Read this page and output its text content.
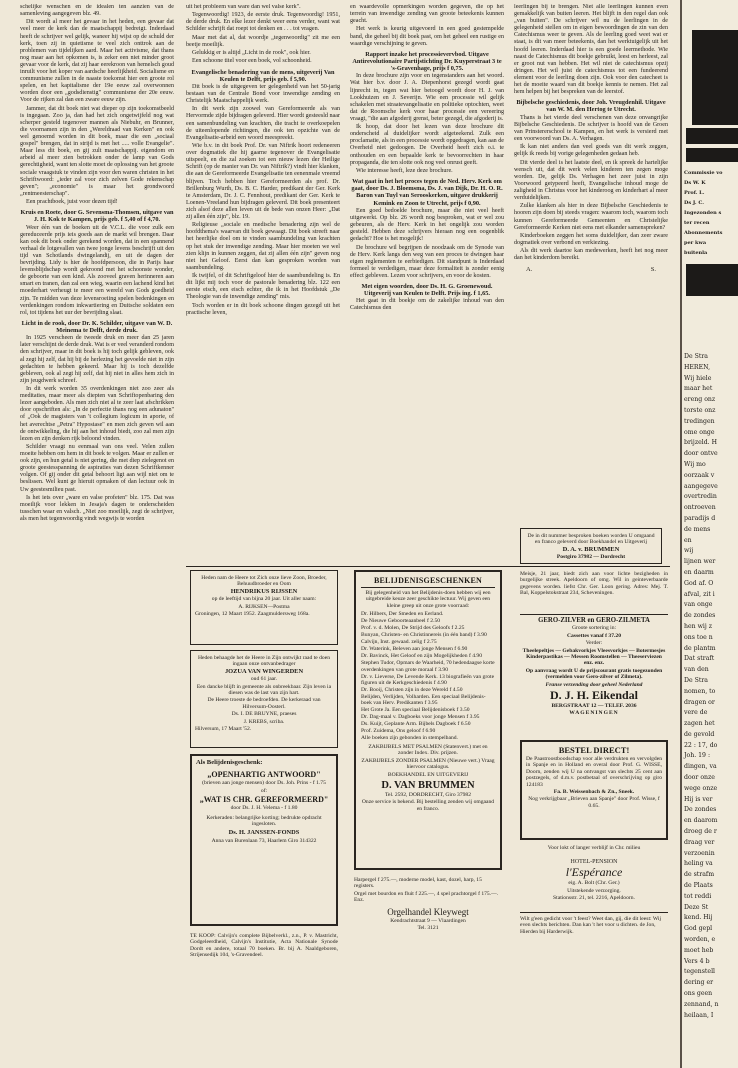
schelijke wenschen en de idealen ten aanzien van de samenleving aangegeven blz. 49.

Dit wordt al meer het gevaar in het heden, een gevaar dat veel meer de kerk dan de maatschappij bedreigt. Inderdaad heeft de schrijver wel gelijk, waneer hij wijst op de schuld der kerk, toen zij in quietisme te veel zich onttrok aan de problemen van tijdelijken aard. Maar het activisme, dat thans nog maar aan het opkomen is, is zeker een niet minder groot gevaar voor de kerk, dat zij haar eerekroon van hemelsch goud inruilt voor het koper van aardsche heerlijkheid. Socialisme en communisme zullen in de naaste toekomst hier een groote rol spelen, en het kapitalisme der 19e eeuw zal overwonnen worden door een „godsdienstig" communisme der 20e eeuw. Voor de rijken zal dan een zware eeuw zijn.

Jammer, dat dit boek niet wat dieper op zijn toekomstbeeld is ingegaan. Zoo ja, dan had het zich ongetwijfeld nog wat scherper gesteld tegenover mannen als Niebuhr, en Brunner, die voornamen zijn in den „Wereldraad van Kerken" en ook wel genoemd worden in dit boek, maar die een „sociaal gospel" brengen, dat in strijd is met het ..... volle Evangelie". Maar less dit boek, en gij zult maatschappij. eigendom en arbeid al meer zien betrokken onder de lamp van Gods gerechtigheid, want ten slotte moet de oplossing van het groote sociale vraagstuk te vinden zijn voor den waren christen in het Schriftwoord: „ieder zal voor zich zelven Gode rekenschap geven"; „economie" is maar het grondwoord „rentmeesterschap".

Een prachtboek, juist voor dezen tijd!

Kruis en Roete, door G. Sevensma-Thomsen, uitgave van J. H. Kok te Kampen, prijs geb. f 5,40 of f 4,70.

Weer één van de boeken uit de V.C.L. die voor zulk een gereduceerde prijs ieis goeds aan de markt wil brengen. Daar kan ook dit boek onder gerekend worden, dat in een spannend verhaal de lotgevallen van twee jonge levens beschrijft uit den tijd van Schotlands dwingelandij, en uit de dagen der bevrijding. Lidy is hier de hoofdpersoon, die in Parijs haar levensblijdschap wordt gekroond met het schoonste wonder, de geboorte van een kind. Als zooveel graven herinneren aan smart en tranen, dan zal een wieg, waarin een lachend kind het moederhart verheugt te meer een wereld van Gods goedheid zijn. Te midden van deze levensroeiing spelen bedenkingen en verdenkingen rondom inkwartiering en Duitsche soldaten een rol, tot tijdens het uur der bevrijding slaat.

Licht in de rook, door Dr. K. Schilder, uitgave van W. D. Meinema te Delft, derde druk.

In 1925 verscheen de tweede druk en meer dan 25 jaren later verschijnt de derde druk. Wat is er veel veranderd rondom den schrijver, maar in dit boek is hij toch gelijk gebleven, ook al zegt hij zelf, dat hij bij de herlezing het gevoelde niet in zijn gedachten te hebben gekeerd. Maar hij is toch dezelfde gebleven, ook al zegt hij zelf, dat hij niet in alles hem zich in zijn jeugdwerk schreef.

In dit werk worden 35 overdenkingen niet zoo zeer als meditaties, maar meer als diepten van Schriftopenbaring den lezer aangeboden. Als men zich niet al te zeer laat afschrikken door opschriften als: „In de perfectie thans nog een adunaton" of „Ook de magisters van 't collegium logicum in aporie, of het averechtse „Petra" Hypostase" en men zich geven wil aan de ontwikkeling, die hij aan het inhoud biedt, zoo zal men zijn lezen en zijn denken rijk beloond vinden.

Schilder vraagt nu eenmaal van ons veel. Velen zullen moeite hebben om hem in dit boek te volgen. Maar er zullen er ook zijn, en hun getal is niet gering, die met diep zielegenot en groote geestesspanning de aspiraties van dezen Schriftkenner volgen. Of gij onder dit getal behoort ligt aan wijl niet om te beslissen. Wel kunt ge hieruit opmaken of dan lectuur ook in Uw geestesmilieu past.

Is het iets over „ware en valse profeten" blz. 175. Dat was moeilijk voor lekken in Jesaja's dagen te onderscheiden tusschen waar en valsch. „Niet zoo moeilijk, zegt de schrijver, als men het tegenwoordig vindt wegwijs te worden

uit het probleem van ware dan wel valse kerk".

Tegenwoordig! 1923, de eerste druk. Tegenwoordig! 1951, de derde druk. En elke lezer denkt weer eens verder, want wat Schilder schrijft dat roept tot denken en . . . tot vragen.

Maar met dat al, dat woordje „tegenwoordig" zit me een beetje moeilijk.

Gelukkig er is altijd „Licht in de rook", ook hier.

Een schoone titel voor een boek, vol schoonheid.

Evangelische benadering van de mens, uitgeverij Van Keulen te Delft, prijs geb. f 5,90.

Dit boek is de uitgegeven ter gelegenheid van het 50-jarig bestaan van de Centrale Bond voor inwendige zending en Christelijk Maatschappelijk werk.

In dit werk zijn zoowel van Gereformeerde als van Hervormde zijde bijdragen geleverd. Hier wordt gesteesld naar een samenbundeling van krachten, die tracht te overkoepelen de uiteenlopende richtingen, die ook ten opzichte van de Evangelisatie-arbeid een woord meespreekt.

Wie b.v. in dit boek Prof. Dr. van Niftrik hoort redeneeren over dogmatiek die hij gaarne tegenover de Evangelisatie uitspeelt, en die zal zoeken tot een nieuw lezen der Heilige Schrift (op de manier van Dr. van Niftrik?) vindt hier klanken, die aan de Gereformeerde Evangelisatie ten eenenmale vreemd blijven. Toch hebben hier Gereformeerden als prof. Dr. Brillenburg Wurth, Ds. B. C. Harder, predikant der Ger. Kerk te Amsterdam, Dr. J. C. Fennhout, predikant der Ger. Kerk te Loenen-Vreeland hun bijdragen geleverd. Dit boek presenteert zich alsof deze allen leven uit de bede van onzen Heer: „Dat zij allen één zijn", blz. 19.

Religieuse „sociale en medische benadering zijn wel de hoofdthema's waarvan dit boek gewaagt. Dit boek streeft naar het heerlijke doel om te vinden saambundeling van krachten op het stuk der inwendige zending. Maar hier moeten we wel zien klijn in kunnen zeggen, dat zij allen één zijn" geven nog niet het Geloof. Eerst dan kan gesproken worden van saambundeling.

Ik twijfel, of dit Schriftgeloof hier de saambundeling is. En dit lijkt mij toch voor de pastorale benadering blz. 122 een eerste eisch, een eisch echter, die ik in het Hoofdstuk „De Theologie van de inwendige zending" mis.

Toch worden er in dit boek schoone dingen gezegd uit het practische leven,

en waardevolle opmerkingen worden gegeven, die op het terrein van inwendige zending van groote beteekenis kunnen geacht.

Het werk is keurig uitgevoerd in een goed gestempelde band, die geheel bij dit boek past, om het geheel een rustige en waardige verschijning te geven.

Rapport inzake het processievervbod. Uitgave Antirevolutionaire Partijstichting Dr. Kuyperstraat 3 te 's-Gravenhage, prijs f 0,75.

In deze brochure zijn voor en tegenstanders aan het woord. Wat hier b.v. door J. A. Diepenhorst gezegd wordt gaat lijnrecht in, tegen wat hier betoogd wordt door H. J. van Lookhuizen en J. Severijn. Wie een processie wil gelijk schakelen met straatevangelisatie en politieke optochten, weet dat de Roomsche kerk voor haar processie een vereering vraagt, "die aan afgoderij grenst, beter gezegd, die afgoderij is.

Ik hoop, dat door het lezen van deze brochure dit onderscheid al duidelijker wordt afgeteekend. Zulk een proclamatie, als in een processie wordt opgedragen, kan aan de Overheid niet gedoogen. De Overheid heeft zich o.i. te onthouden en een bepaalde kerk te bevoorrechten in haar propaganda, die ten slotte ook nog veel onrust geeft.

Wie interesse heeft, leze deze brochure.

Wat gaat in het het proces tegen de Ned. Herv. Kerk om gaat, door Ds. J. Bloemsma, Ds. J. van Dijk, Dr. H. O. R. Baron van Tuyl van Serooskerken, uitgave drukkerij Kemink en Zoon te Utrecht, prijs f 0,90.

Een goed bedoelde brochure, maar die niet veel heeft uitgewerkt. Op blz. 26 wordt nog besproken, wat er wel zou gebeuren, als de Herv. Kerk in het ongelijk zou worden gesteld. Hebben deze schrijvers hieraan nog een oogenblik gedacht? Hoe is het mogelijk!

De brochure wil begrijpen de noodzaak om de Synode van de Herv. Kerk langs den weg van een proces te dwingen haar eigen reglementen te eerbiedigen. Dit standpunt is Inderdaad formeel te verdedigen, maar deze formaliteit is zonder eenig effect gebleven. Lezen voor schrijvers, en voor de kosten.

Met eigen woorden, door Ds. H. G. Groenewoud. Uitgeverij van Keulen te Delft. Prijs ing. f 1,65.

Het gaat in dit boekje om de zakelijke inhoud van den Catechismus den

leerlingen bij te brengen. Niet alle leerlingen kunnen even gemakkelijk van buiten leeren. Het blijft in den regel dan ook „van buiten". De schrijver wil nu de leerlingen in de gelegenheid stellen om in eigen bewoordingen de zin van den Catechismus weer te geven. Als de leerling goed weet wat er staat, is dit van meer beteekenis, dan het werktuigelijk uit het hoofd leeren. Inderdaad hier is een goede leermethode. Wie naast de Catechismus dit boekje gebruikt, leest en herleest, zal er groot nut van hebben. Het wil niet de catechismus opzij dringen. Het wil juist de catechismus tot een fundeerend element voor de leerling doen zijn. Ook voor den catecheet is het de moeite waard van dit boekje kennis te nemen. Het zal hem helpen bij het bespreken van de leerstof.

Bijbelsche geschiedenis, door Joh. Vreugdenhil. Uitgave van W. M. den Hertog te Utrecht.

Thans is het vierde deel verschenen van deze onvangrijke Bijbelsche Geschiedenis. De schrijver is hoofd van de Groen van Prinstererschool te Kampen, en het werk is versierd met een voorwoord van Ds. A. Verhagen.

Ik kan niet anders dan veel goeds van dit werk zeggen, gelijk ik reeds bij vorige gelegenheden gedaan heb.

Dit vierde deel is het laatste deel, en ik spreek de hartelijke wensch uit, dat dit werk velen kinderen ten zegen moge worden. De, gelijk Ds. Verhagen het zeer juist in zijn Voorwoord getypeerd heeft, Evangelische inhoud moge de zaligheid in Christus voor het kinderoog en kinderhart al meer verduidelijken.

Zulke klanken als hier in deze Bijbelsche Geschiedenis te hooren zijn doen bij steeds vragen: waarom toch, waarom toch kunnen Gereformeerde Gemeenten en Christelijke Gereformeerde Kerken niet eens met elkander samenspreken?

Kinderboeken zeggen het soms duidelijker, dan zeer zware dogmatiek over verbond en verkiezing.

Als dit werk daartoe kan medewerken, heeft het nog meer dan het kinderdom bereikt.

A.	S.

De in dit nummer besproken boeken worden U omgaand en franco geleverd door Boekhandel en Uitgeverij

D. A. v. BRUMMEN

Postgiro 37982 — Dordrecht

Heden nam de Heere tot Zich onze lieve Zoon, Broeder, Behuudbroeder en Oom

HENDRIKUS RIJSSEN

op de leeftijd van bijna 20 jaar. Uit aller naam:

A. RIJKSEN—Postma

Groningen, 12 Maart 1952. Zaagmuldersweg 168a.

Heden behaagde het de Heere in Zijn ontwijkt raad te doen ingaan onze ontvanbedrager

JOZUA VAN WINGERDEN

oud 61 jaar.

Een dancke blijft in gemeente als onbreekbaar. Zijn leven ia diesen was de last van zijn hart.

De Heere troeste de bedroefden. De kerkeraad van Hilversum-Oosterl.

Ds. I. DE BRUYNE, praeses

J. KREBS, scriba.

Hilversum, 17 Maart '52.

Als Belijdenisgeschenk:

„OPENHARTIG ANTWOORD"

(brieven aan jonge mensen) door Ds. Joh. Prins - f 1.75

of:

„WAT IS CHR. GEREFORMEERD"

door Ds. J. H. Velema - f 1.80

Kerkeraden: belangrijke korting; bedrukte opdracht ingesloten.

Ds. H. JANSSEN-FONDS

Anna van Burenlaan 73, Haarlem Giro 314322

TE KOOP: Calvijn's complete Bijbelverkl., z.n., P. v. Mastricht, Godgeleerdheid, Calvijn's Institutie, Acta Nationale Synode Dordt en andere, totaal 70 boeken. Br. bij A. Naaldgeboren, Strijensedijk 104, 's-Gravendeel.

BELIJDENISGESCHENKEN

Bij gelegenheid van het Belijdenis-doen hebben wij een uitgebreide keuze zeer geschikte lectuur. Wij geven een kleine greep uit onze grote voorraad:

Dr. Hilbers, Der Smeden en Eerland.
De Nieuwe Geboorteaanbeel f 2.50
Prof. v. d. Molen, De Strijd des Geloofs f 2.25
Bunyan, Christen- en Christinnereis (in één band) f 3.90
Calvijn, Inst. gewaad. zelig f 2.75
Dr. Waterink, Beleven aan jonge Mensen f 6.90
Dr. Bavinck, Het Geloof en zijn Mogelijkheden f 4.90
Stephen Tudor, Opmars de Waarheid, 70 hedendaagse korte overdenkingen van grote moraal f 3.90
Dr. v. Lieverse, De Levende Kerk. 13 biografieën van grote figuren uit de Kerkgeschiedenis f 4.90
Dr. Booij, Christen zijn in deze Wereld f 4.50
Belijden, Verlijden, Volharden. Een speciaal Belijdenis-boek van Herv. Predikanten f 3.95
Het Grote Ja. Een speciaal Belijdenisboek f 3.50
Dr. Dag-maal v. Dagboeks voor jonge Mensen f 3.95
Ds. Kuijt, Geplante Arm. Bijbels Dagboek f 6.50
Prof. Zuidema, Ons geloof f 6.90
Alle boeken zijn gebonden in stempelband.

ZAKBIJBELS MET PSALMEN (Statenvert.) met en zonder Index. Div. prijzen.

ZAKBIJBELS ZONDER PSALMEN (Nieuwe vert.) Vraag hiervoor catalogus.

BOEKHANDEL EN UITGEVERIJ

D. VAN BRUMMEN

Tel. 2592, DORDRECHT, Giro 37982

Onze service is bekend. Bij bestelling zenden wij omgaand en franco.

Harpergel f 275.—, moderne model, kast, dozel, harp, 15 registers.

Orgel met bourdon en fluit f 225.—, 4 spel prachtorgel f 175.—. Enz.

Orgelhandel Kleywegt

Kendrachtstraat 9 — Vlaardingen

Tel. 3121

Meisje, 21 jaar, biedt zich aan voor lichte bezigheden in burgelijke streek. Apeldoorn of omg. Wil in geinteverbaarde gegevens worden. liefst Chr. Ger. Loon gering. Adres: Mej. T. Bal, Koppelstokstraat 234, Scheveningen.

GERO-ZILVER en GERO-ZILMETA

Groote sortering in:

Cassettes vanaf f 37.20

Verder:

Theelepeltjes — Gebakvorkjes Vleesvorkjes — Botermesjes Kinderpastikas — Messen Roomstellen — Theeserviezen enz. enz.

Op aanvraag wordt U de prijscourant gratis toegezonden (vermelden voor Gero-zilver of Zilmeta).

Franse verzending door geheel Nederland

D. J. H. Eikendal

BERGSTRAAT 12 — TELEF. 2036

WAGENINGEN

BESTEL DIRECT!

De Paastroostboodschap voor alle verdrukten en vervolgden in Spanje en in Holland en overal door Prof. G. WISSE, Doorn, zenden wij U na ontvangst van slechts 25 cent aan postzegels, of d.m.v. postbetaal of overschrijving op giro 124183

Fa. B. Weissenbach & Zn., Sneek.

Nog verkrijgbaar „Brieven aan Spanje" door Prof. Wisse, f 0.65.

Voor lokt of langer verblijf in Chr. milieu

HOTEL-PENSION

l'Espérance

eig. A. Bolt (Chr. Ger.)

Uitstekende verzorging.

Stationsstr. 21, tel. 2216, Apeldoorn.

Wilt g'een gedicht voor 't feest? Weet dan, gij, die dit leest: Wij even slechts berichten. Dan kan 't het voor u dichten. de Jon, Hierden bij Harderwijk.

Commissie vo
Ds W. K
Prof. L.
Ds J. C.
Ingezonden s
ter recen
Abonnements
per kwa
buitenla
De Stra
HEREN,
Wij hiele
maar het
ereng onz
torste onz
tredingen
ome onge
brijzeld. H
door ontve
Wij mo
oorzaak v
aangegeve
overtredin
ontroeven
paradijs d
de mens
en
wij
lijnen wer
en daarm
God af. O
afval, zit i
van onge
de zondes
hen wij z
ons toe n
de plantm
Dat straft
van den
De Stra
nomen, to
dragen or
vere de
zagen het
de gevold
22 : 17, do
Joh. 19 :
dingen, va
door onze
wege onze
Hij is ver
De zondes
en daarom
droeg de r
draag ver
verzoenin
heling va
de strafm
de Plaats
tot reddi
Deze St
kend. Hij
God gepl
worden, e
moet heb
Vers 4 b
tegenstell
dering er
ons geen
zennand, n
heilaan, I
